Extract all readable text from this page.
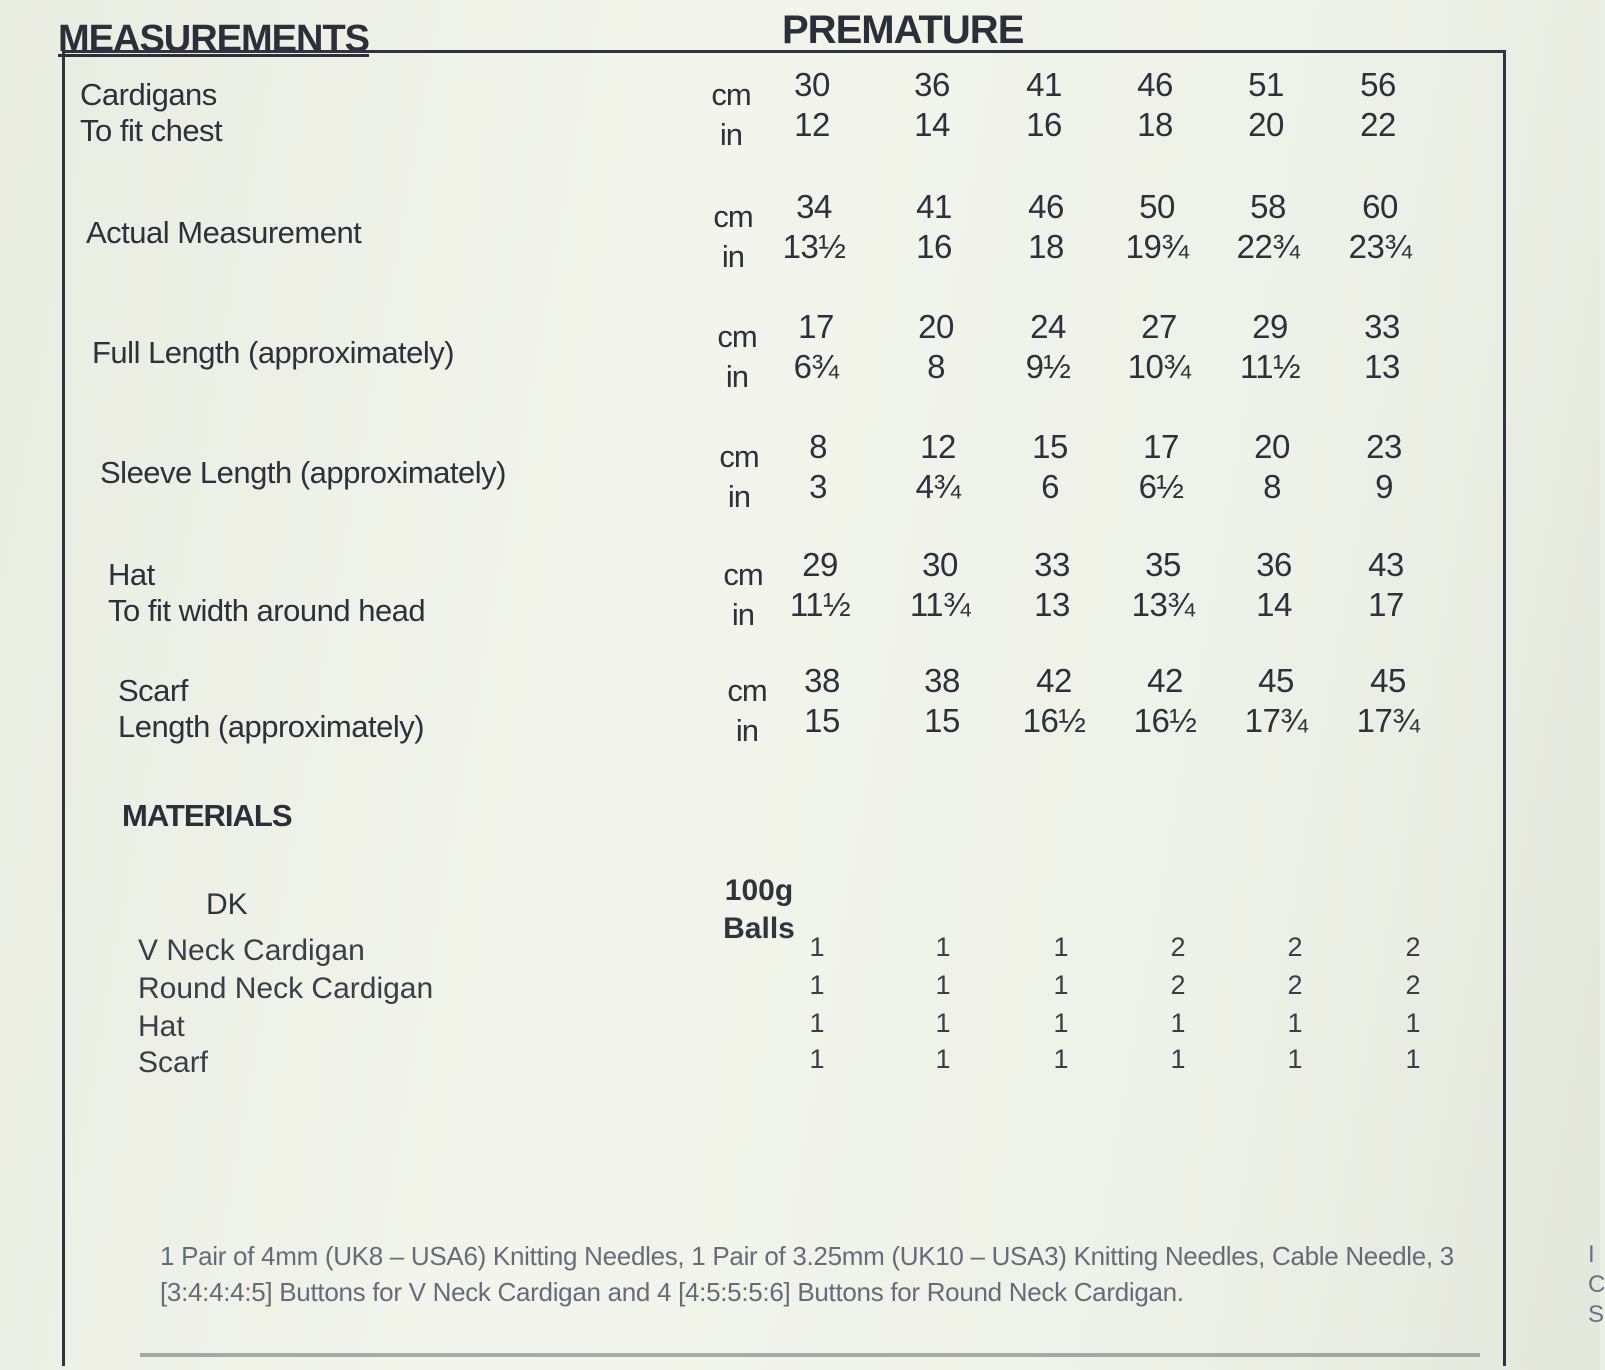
MEASUREMENTS	PREMATURE
Cardigans
To fit chest
cm	30	36	41	46	51	56
in	12	14	16	18	20	22
Actual Measurement	cm	34	41	46	50	58	60
in	13½	16	18	19¾	22¾	23¾
Full Length (approximately)	cm	17	20	24	27	29	33
in	6¾	8	9½	10¾	11½	13
Sleeve Length (approximately)	cm	8	12	15	17	20	23
in	3	4¾	6	6½	8	9
Hat
To fit width around head
cm	29	30	33	35	36	43
in	11½	11¾	13	13¾	14	17
Scarf
Length (approximately)
cm	38	38	42	42	45	45
in	15	15	16½	16½	17¾	17¾
MATERIALS
DK	100g
Balls
V Neck Cardigan	1	1	1	2	2	2
Round Neck Cardigan	1	1	1	2	2	2
Hat	1	1	1	1	1	1
Scarf	1	1	1	1	1	1
1 Pair of 4mm (UK8 – USA6) Knitting Needles, 1 Pair of 3.25mm (UK10 – USA3) Knitting Needles, Cable Needle, 3 [3:4:4:4:5] Buttons for V Neck Cardigan and 4 [4:5:5:5:6] Buttons for Round Neck Cardigan.
I
C
S
